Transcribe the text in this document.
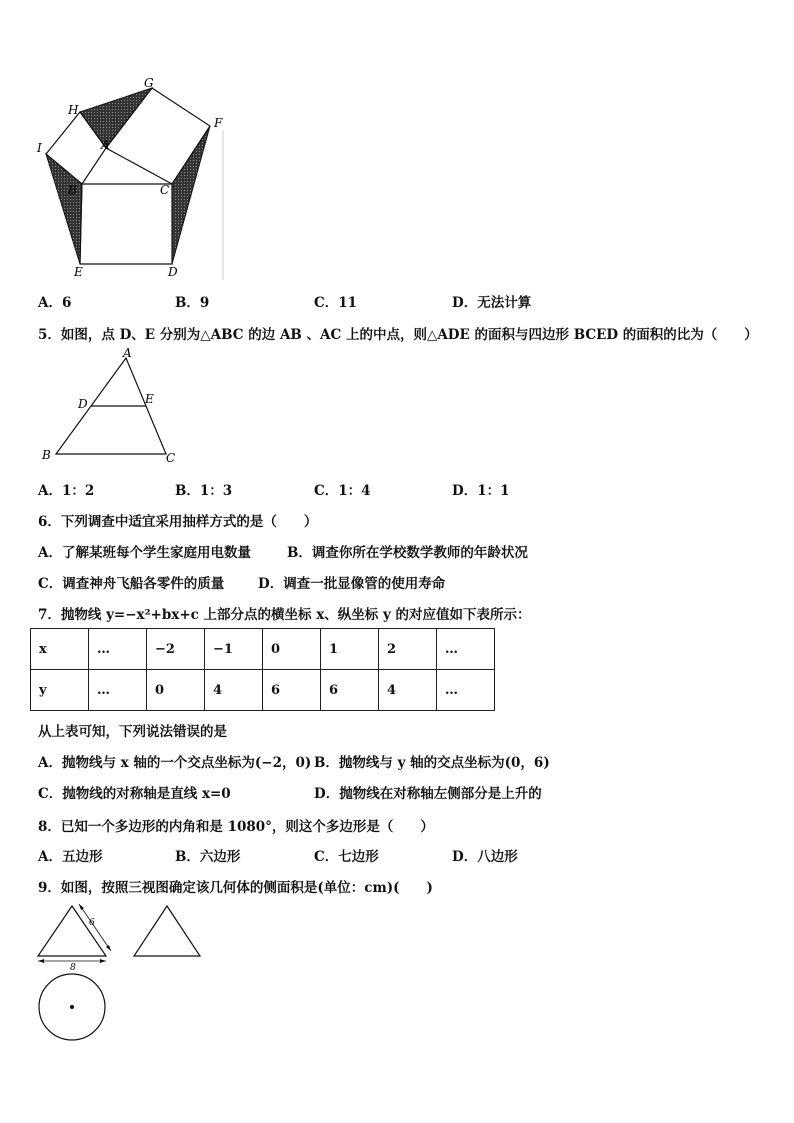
G
H
I	A
F
B	C
E	D
A．6	B．9	C．11	D．无法计算
5．如图，点 D、E 分别为△ABC 的边 AB 、AC 上的中点，则△ADE 的面积与四边形 BCED 的面积的比为（　　）
A
D	E
B	C
A．1：2	B．1：3	C．1：4	D．1：1
6．下列调查中适宜采用抽样方式的是（　　）
A．了解某班每个学生家庭用电数量	B．调查你所在学校数学教师的年龄状况
C．调查神舟飞船各零件的质量	D．调查一批显像管的使用寿命
7．抛物线 y=−x²+bx+c 上部分点的横坐标 x、纵坐标 y 的对应值如下表所示：
x	…	−2	−1	0	1	2	…
y	…	0	4	6	6	4	…
从上表可知，下列说法错误的是
A．抛物线与 x 轴的一个交点坐标为(−2，0) B．抛物线与 y 轴的交点坐标为(0，6)
C．抛物线的对称轴是直线 x=0	D．抛物线在对称轴左侧部分是上升的
8．已知一个多边形的内角和是 1080°，则这个多边形是（　　）
A．五边形	B．六边形	C．七边形	D．八边形
9．如图，按照三视图确定该几何体的侧面积是(单位：cm)(　　)
6
8
